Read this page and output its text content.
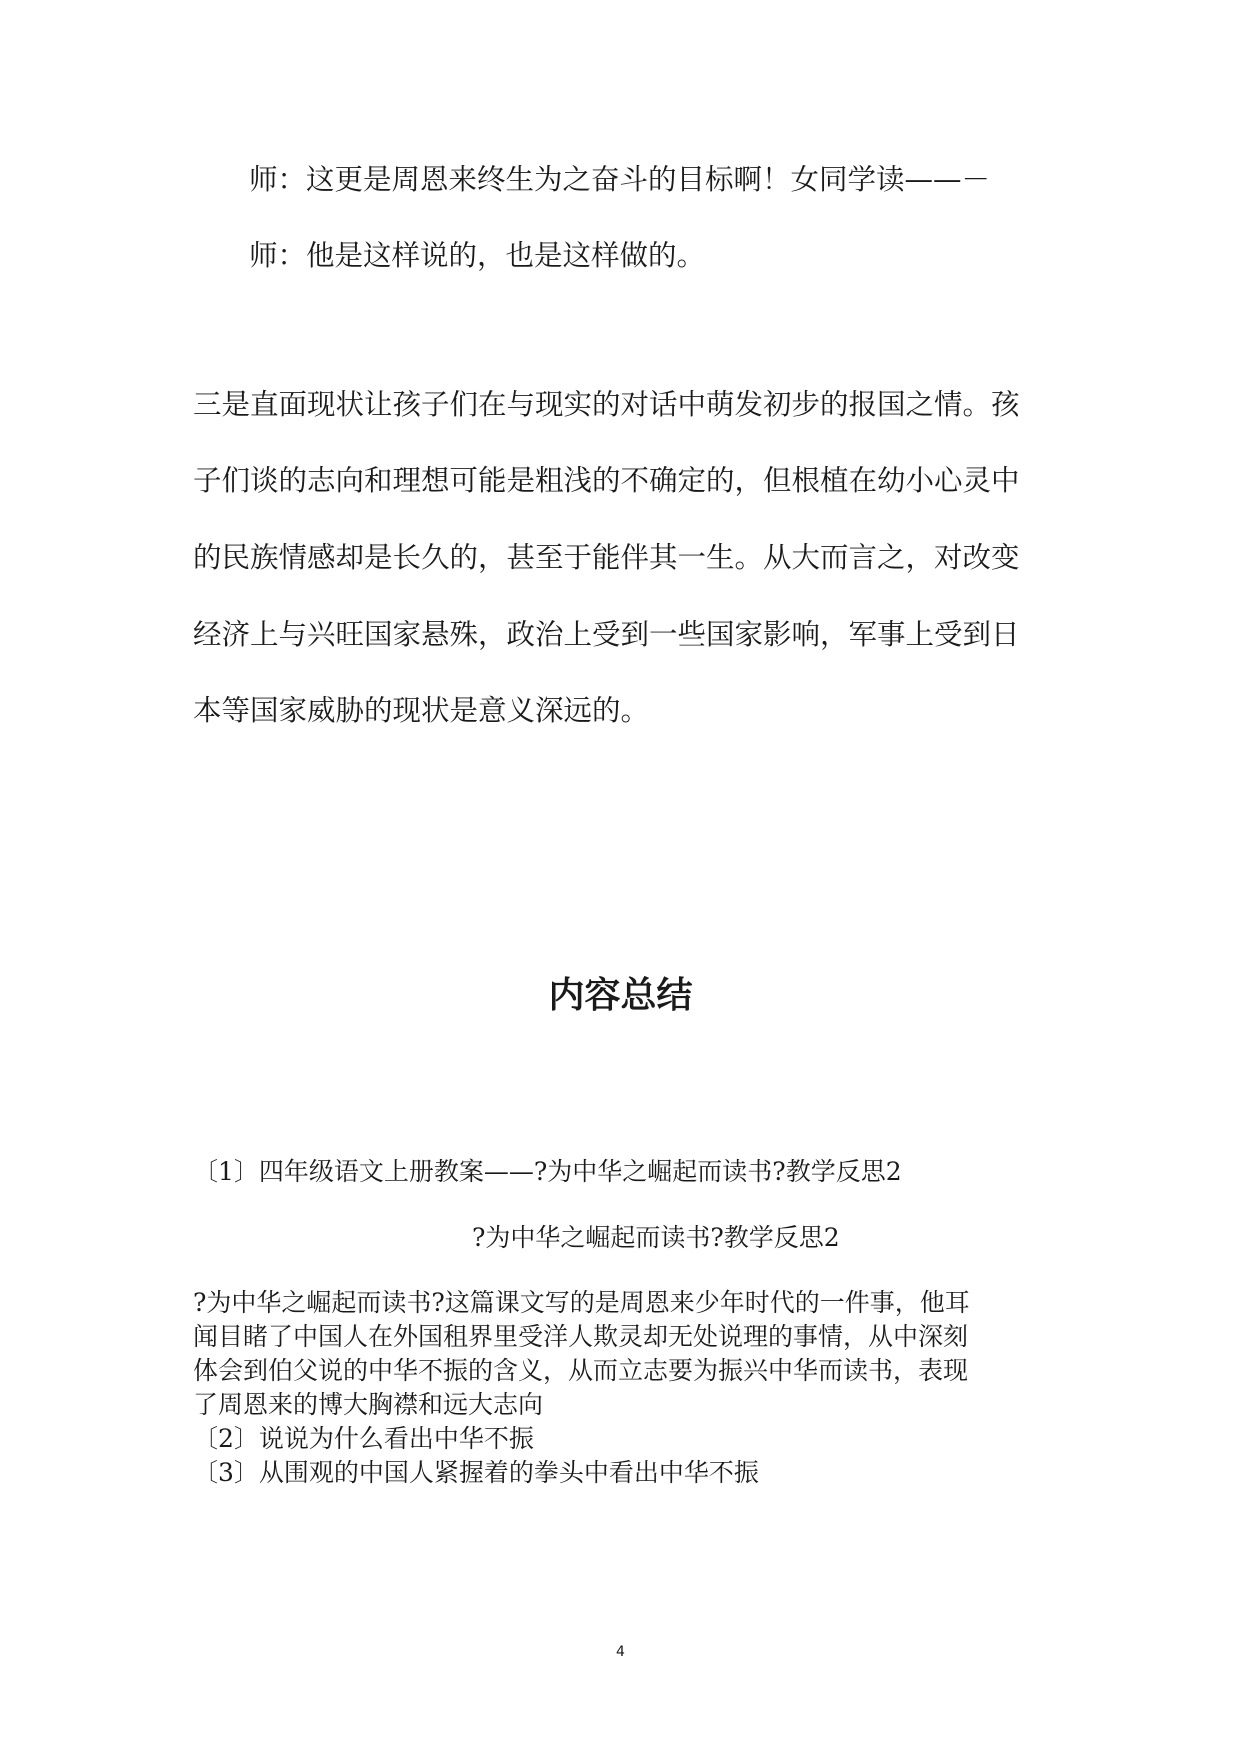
师：这更是周恩来终生为之奋斗的目标啊！女同学读——－
师：他是这样说的，也是这样做的。
三是直面现状让孩子们在与现实的对话中萌发初步的报国之情。孩
子们谈的志向和理想可能是粗浅的不确定的，但根植在幼小心灵中
的民族情感却是长久的，甚至于能伴其一生。从大而言之，对改变
经济上与兴旺国家悬殊，政治上受到一些国家影响，军事上受到日
本等国家威胁的现状是意义深远的。
内容总结
〔1〕四年级语文上册教案——?为中华之崛起而读书?教学反思2
?为中华之崛起而读书?教学反思2
?为中华之崛起而读书?这篇课文写的是周恩来少年时代的一件事，他耳
闻目睹了中国人在外国租界里受洋人欺灵却无处说理的事情，从中深刻
体会到伯父说的中华不振的含义，从而立志要为振兴中华而读书，表现
了周恩来的博大胸襟和远大志向
〔2〕说说为什么看出中华不振
〔3〕从围观的中国人紧握着的拳头中看出中华不振
4
